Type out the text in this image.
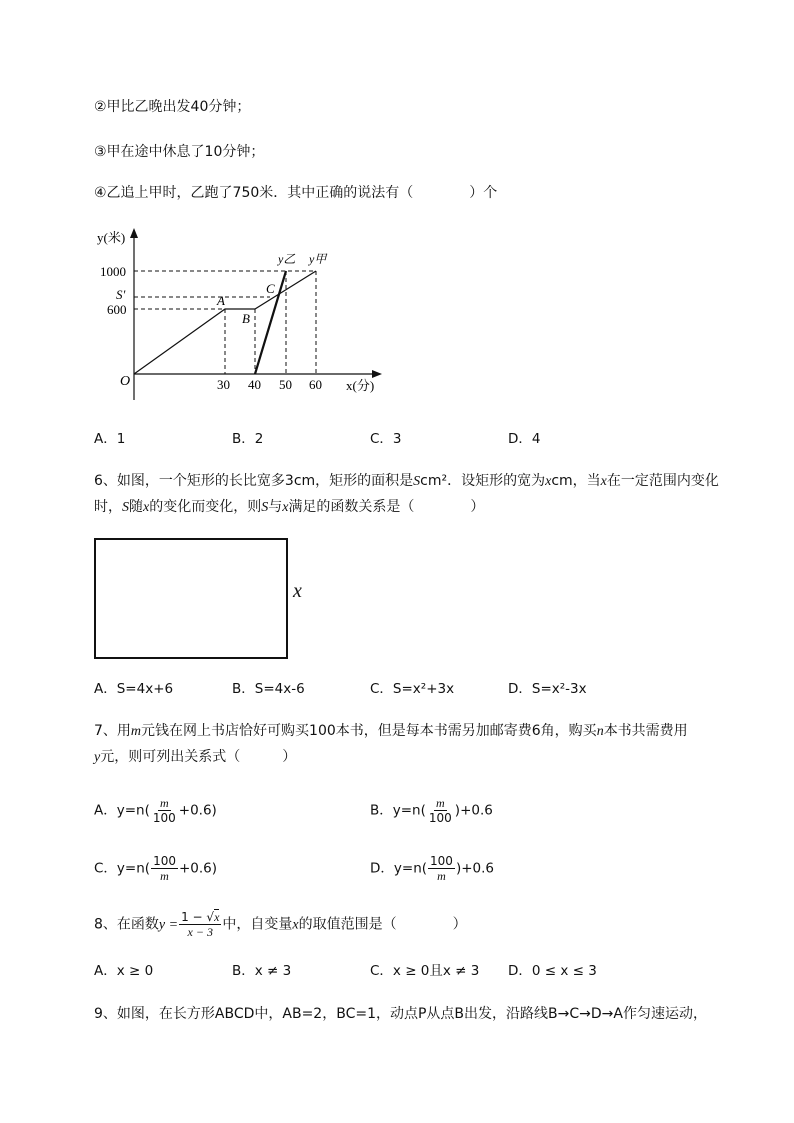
②甲比乙晚出发40分钟；
③甲在途中休息了10分钟；
④乙追上甲时，乙跑了750米．其中正确的说法有（　　　　）个
y(米)
x(分)
O
1000
S'
600
30 40 50 60
A
B
C
y乙 y甲
A．1	B．2	C．3	D．4
6、如图，一个矩形的长比宽多3cm，矩形的面积是Scm²．设矩形的宽为xcm，当x在一定范围内变化
时，S随x的变化而变化，则S与x满足的函数关系是（　　　　）
x
A．S=4x+6	B．S=4x-6	C．S=x²+3x	D．S=x²-3x
7、用m元钱在网上书店恰好可购买100本书，但是每本书需另加邮寄费6角，购买n本书共需费用
y元，则可列出关系式（　　　）
A．$y=n( \frac{m}{100} +0.6)$	B．$y=n( \frac{m}{100} )+0.6$
C．$y=n( \frac{100}{m} +0.6)$	D．$y=n( \frac{100}{m} )+0.6$
8、在函数$y = \frac{1 - √x}{x - 3}$ 中，自变量x的取值范围是（　　　　）
A．x ≥ 0	B．x ≠ 3	C．x ≥ 0且x ≠ 3 D．0 ≤ x ≤ 3
9、如图，在长方形ABCD中，AB=2，BC=1，动点P从点B出发，沿路线B→C→D→A作匀速运动，
